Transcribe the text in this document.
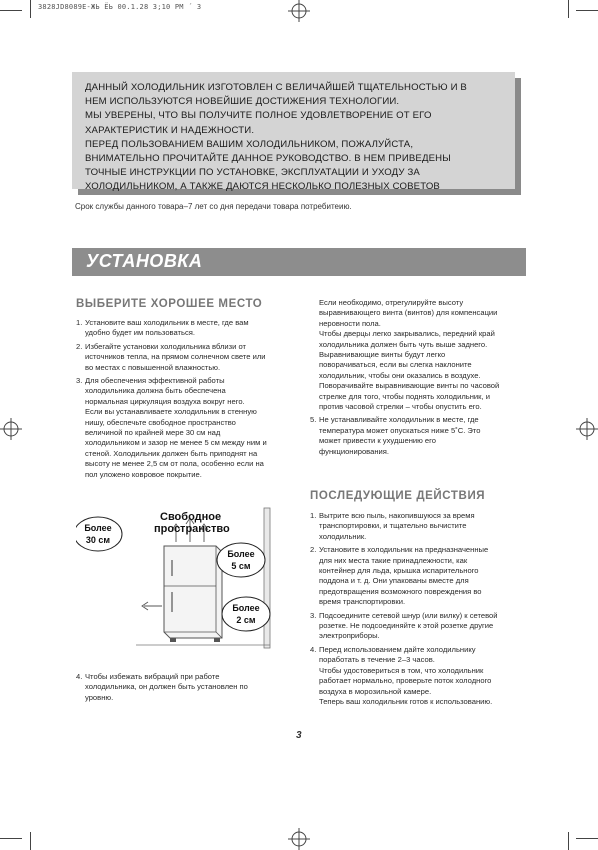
3828JD8089E-ЖЬ ЁЬ 00.1.28 3;10 PM ´ 3
ДАННЫЙ ХОЛОДИЛЬНИК ИЗГОТОВЛЕН С ВЕЛИЧАЙШЕЙ ТЩАТЕЛЬНОСТЬЮ И В
НЕМ ИСПОЛЬЗУЮТСЯ НОВЕЙШИЕ ДОСТИЖЕНИЯ ТЕХНОЛОГИИ.
МЫ УВЕРЕНЫ, ЧТО ВЫ ПОЛУЧИТЕ ПОЛНОЕ УДОВЛЕТВОРЕНИЕ ОТ ЕГО
ХАРАКТЕРИСТИК И НАДЕЖНОСТИ.
ПЕРЕД ПОЛЬЗОВАНИЕМ ВАШИМ ХОЛОДИЛЬНИКОМ, ПОЖАЛУЙСТА,
ВНИМАТЕЛЬНО ПРОЧИТАЙТЕ ДАННОЕ РУКОВОДСТВО. В НЕМ ПРИВЕДЕНЫ
ТОЧНЫЕ ИНСТРУКЦИИ ПО УСТАНОВКЕ, ЭКСПЛУАТАЦИИ И УХОДУ ЗА
ХОЛОДИЛЬНИКОМ, А ТАКЖЕ ДАЮТСЯ НЕСКОЛЬКО ПОЛЕЗНЫХ СОВЕТОВ
Срок службы данного товара–7 лет со дня передачи товара потребитеию.
УСТАНОВКА
ВЫБЕРИТЕ ХОРОШЕЕ МЕСТО
1. Установите ваш холодильник в месте, где вам
удобно будет им пользоваться.
2. Избегайте установки холодильника вблизи от
источников тепла, на прямом солнечном свете или
во местах с повышенной влажностью.
3. Для обеспечения эффективной работы
холодильника должна быть обеспечена
нормальная циркуляция воздуха вокруг него.
Если вы устанавливаете холодильник в стенную
нишу, обеспечьте свободное пространство
величиной по крайней мере 30 см над
холодильником и зазор не менее 5 см между ним и
стеной. Холодильник должен быть приподнят на
высоту не менее 2,5 см от пола, особенно если на
пол уложено ковровое покрытие.
Свободное
пространство
Более
30 см
Более
5 см
Более
2 см
4. Чтобы избежать вибраций при работе
холодильника, он должен быть установлен по
уровню.
Если необходимо, отрегулируйте высоту
выравнивающего винта (винтов) для компенсации
неровности пола.
Чтобы дверцы легко закрывались, передний край
холодильника должен быть чуть выше заднего.
Выравнивающие винты будут легко
поворачиваться, если вы слегка наклоните
холодильник, чтобы они оказались в воздухе.
Поворачивайте выравнивающие винты по часовой
стрелке для того, чтобы поднять холодильник, и
против часовой стрелки – чтобы опустить его.
5. Не устанавливайте холодильник в месте, где
температура может опускаться ниже 5˚С. Это
может привести к ухудшению его
функционирования.
ПОСЛЕДУЮЩИЕ ДЕЙСТВИЯ
1. Вытрите всю пыль, накопившуюся за время
транспортировки, и тщательно вычистите
холодильник.
2. Установите в холодильник на предназначенные
для них места такие принадлежности, как
контейнер для льда, крышка испарительного
поддона и т. д. Они упакованы вместе для
предотвращения возможного повреждения во
время транспортировки.
3. Подсоедините сетевой шнур (или вилку) к сетевой
розетке. Не подсоединяйте к этой розетке другие
электроприборы.
4. Перед использованием дайте холодильнику
поработать в течение 2–3 часов.
Чтобы удостовериться в том, что холодильник
работает нормально, проверьте поток холодного
воздуха в морозильной камере.
Теперь ваш холодильник готов к использованию.
3
